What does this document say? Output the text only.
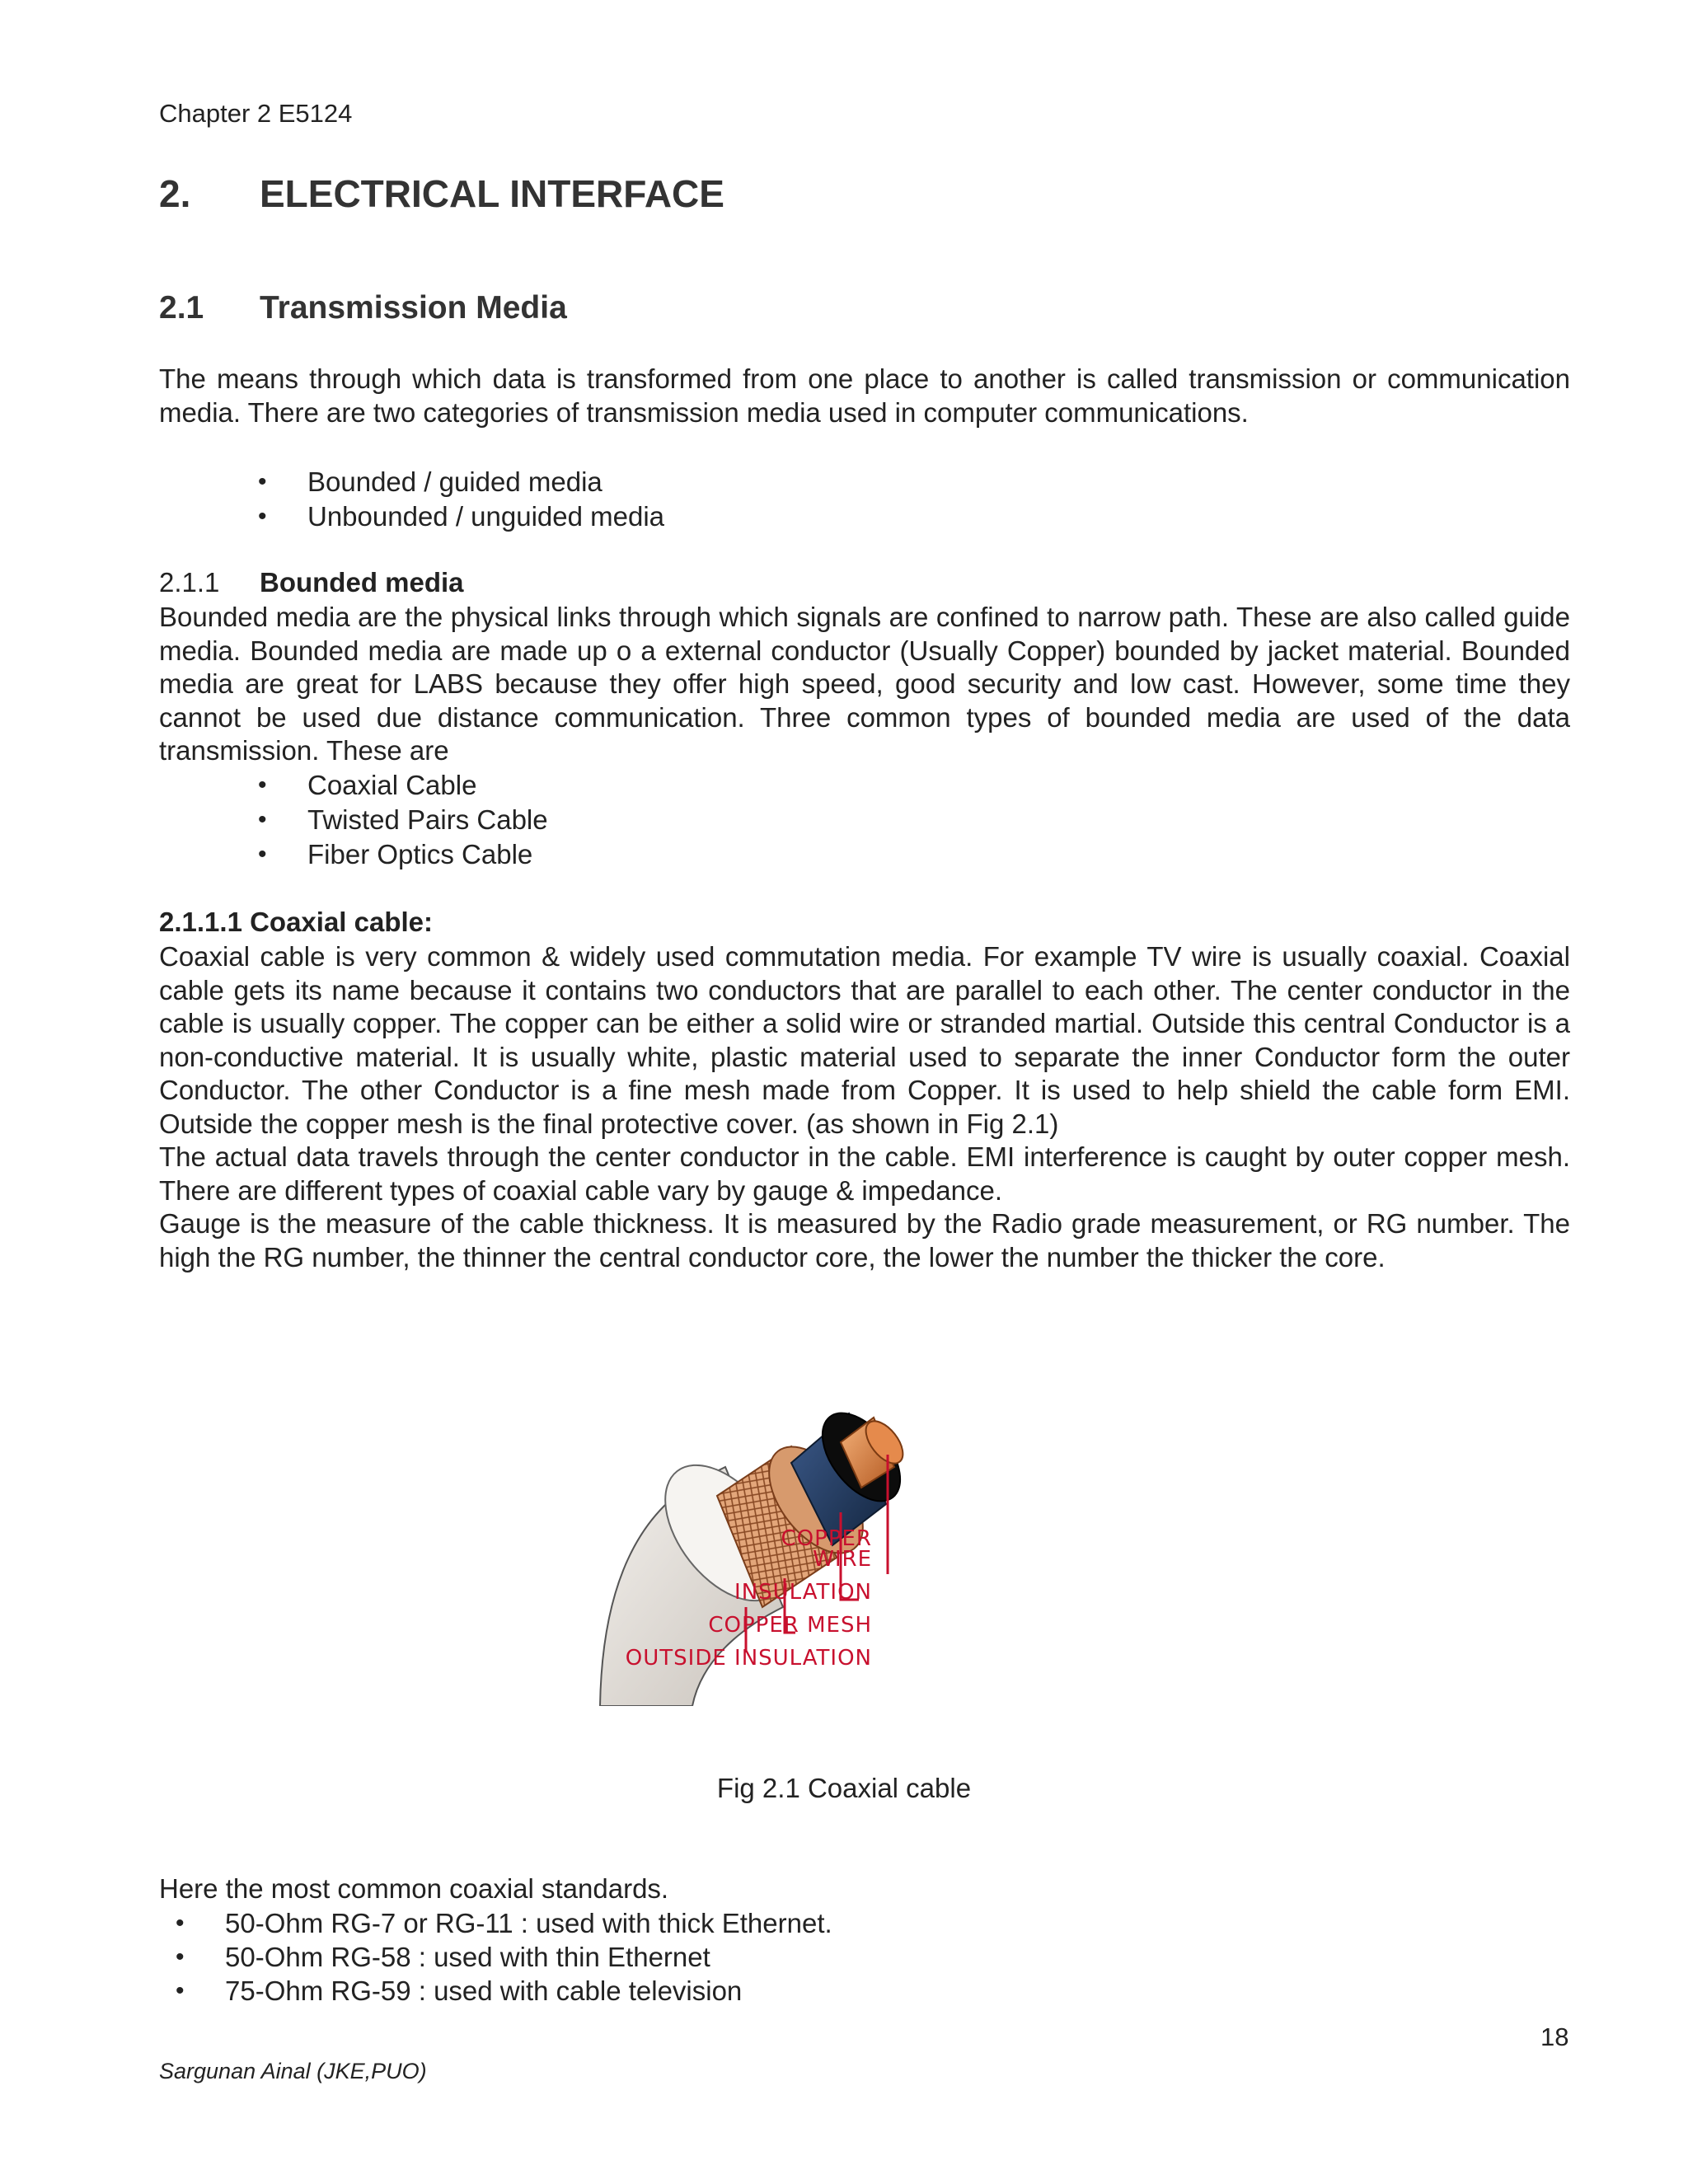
Chapter 2 E5124
2. ELECTRICAL INTERFACE
2.1 Transmission Media

The means through which data is transformed from one place to another is called transmission or communication media. There are two categories of transmission media used in computer communications.

• Bounded / guided media
• Unbounded / unguided media
2.1.1 Bounded media

Bounded media are the physical links through which signals are confined to narrow path. These are also called guide media. Bounded media are made up o a external conductor (Usually Copper) bounded by jacket material. Bounded media are great for LABS because they offer high speed, good security and low cast. However, some time they cannot be used due distance communication. Three common types of bounded media are used of the data transmission. These are

• Coaxial Cable
• Twisted Pairs Cable
• Fiber Optics Cable
2.1.1.1 Coaxial cable:

Coaxial cable is very common & widely used commutation media. For example TV wire is usually coaxial. Coaxial cable gets its name because it contains two conductors that are parallel to each other. The center conductor in the cable is usually copper. The copper can be either a solid wire or stranded martial. Outside this central Conductor is a non-conductive material. It is usually white, plastic material used to separate the inner Conductor form the outer Conductor. The other Conductor is a fine mesh made from Copper. It is used to help shield the cable form EMI. Outside the copper mesh is the final protective cover. (as shown in Fig 2.1)

The actual data travels through the center conductor in the cable. EMI interference is caught by outer copper mesh. There are different types of coaxial cable vary by gauge & impedance.

Gauge is the measure of the cable thickness. It is measured by the Radio grade measurement, or RG number. The high the RG number, the thinner the central conductor core, the lower the number the thicker the core.

COPPER
WIRE
INSULATION
COPPER MESH
OUTSIDE INSULATION
Fig 2.1 Coaxial cable

Here the most common coaxial standards.

• 50-Ohm RG-7 or RG-11 : used with thick Ethernet.
• 50-Ohm RG-58 : used with thin Ethernet
• 75-Ohm RG-59 : used with cable television
18
Sargunan Ainal (JKE,PUO)
